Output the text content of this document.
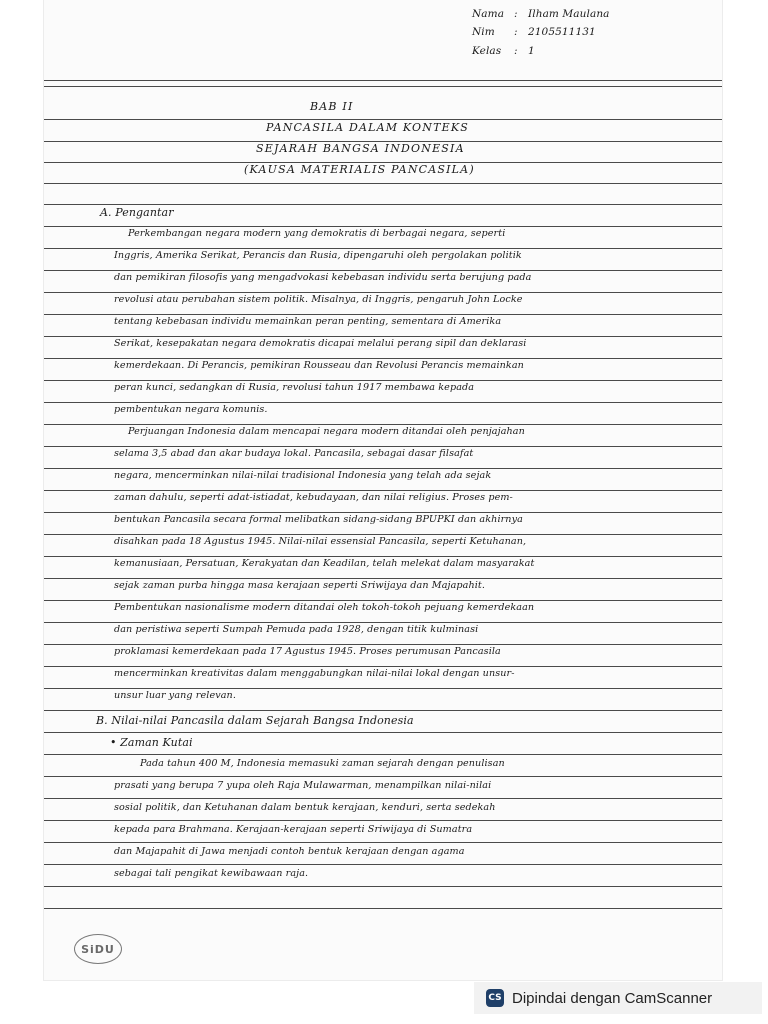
Nama : Ilham Maulana
Nim : 2105511131
Kelas : 1
BAB II
PANCASILA DALAM KONTEKS
SEJARAH BANGSA INDONESIA
(KAUSA MATERIALIS PANCASILA)
A. Pengantar
Perkembangan negara modern yang demokratis di berbagai negara, seperti
Inggris, Amerika Serikat, Perancis dan Rusia, dipengaruhi oleh pergolakan politik
dan pemikiran filosofis yang mengadvokasi kebebasan individu serta berujung pada
revolusi atau perubahan sistem politik. Misalnya, di Inggris, pengaruh John Locke
tentang kebebasan individu memainkan peran penting, sementara di Amerika
Serikat, kesepakatan negara demokratis dicapai melalui perang sipil dan deklarasi
kemerdekaan. Di Perancis, pemikiran Rousseau dan Revolusi Perancis memainkan
peran kunci, sedangkan di Rusia, revolusi tahun 1917 membawa kepada
pembentukan negara komunis.
Perjuangan Indonesia dalam mencapai negara modern ditandai oleh penjajahan
selama 3,5 abad dan akar budaya lokal. Pancasila, sebagai dasar filsafat
negara, mencerminkan nilai-nilai tradisional Indonesia yang telah ada sejak
zaman dahulu, seperti adat-istiadat, kebudayaan, dan nilai religius. Proses pem-
bentukan Pancasila secara formal melibatkan sidang-sidang BPUPKI dan akhirnya
disahkan pada 18 Agustus 1945. Nilai-nilai essensial Pancasila, seperti Ketuhanan,
kemanusiaan, Persatuan, Kerakyatan dan Keadilan, telah melekat dalam masyarakat
sejak zaman purba hingga masa kerajaan seperti Sriwijaya dan Majapahit.
Pembentukan nasionalisme modern ditandai oleh tokoh-tokoh pejuang kemerdekaan
dan peristiwa seperti Sumpah Pemuda pada 1928, dengan titik kulminasi
proklamasi kemerdekaan pada 17 Agustus 1945. Proses perumusan Pancasila
mencerminkan kreativitas dalam menggabungkan nilai-nilai lokal dengan unsur-
unsur luar yang relevan.
B. Nilai-nilai Pancasila dalam Sejarah Bangsa Indonesia
• Zaman Kutai
Pada tahun 400 M, Indonesia memasuki zaman sejarah dengan penulisan
prasati yang berupa 7 yupa oleh Raja Mulawarman, menampilkan nilai-nilai
sosial politik, dan Ketuhanan dalam bentuk kerajaan, kenduri, serta sedekah
kepada para Brahmana. Kerajaan-kerajaan seperti Sriwijaya di Sumatra
dan Majapahit di Jawa menjadi contoh bentuk kerajaan dengan agama
sebagai tali pengikat kewibawaan raja.
SiDU
CS Dipindai dengan CamScanner
